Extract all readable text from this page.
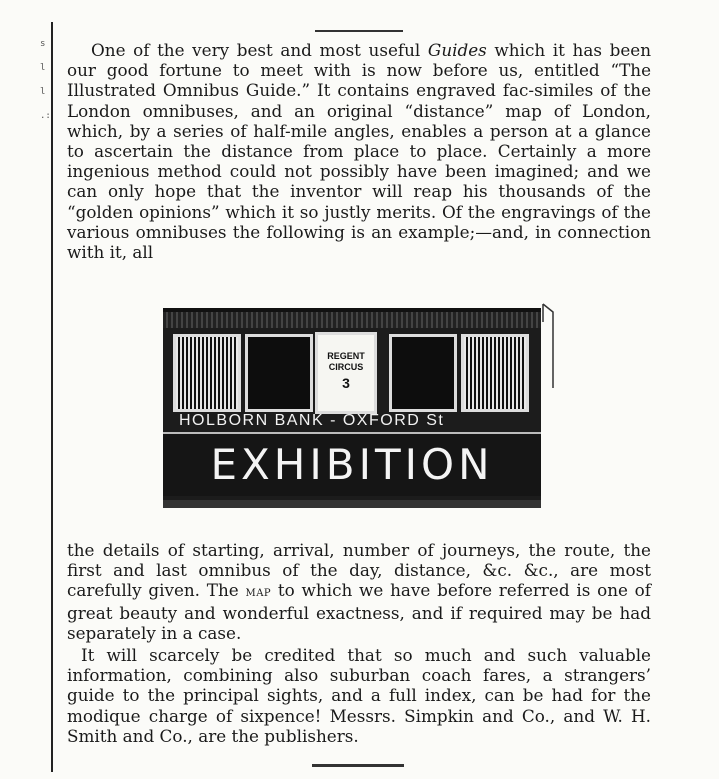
s
l
l
.:

One of the very best and most useful Guides which it has been our good fortune to meet with is now before us, entitled “The Illustrated Omnibus Guide.” It contains engraved fac-similes of the London omnibuses, and an original “distance” map of London, which, by a series of half-mile angles, enables a person at a glance to ascertain the distance from place to place. Certainly a more ingenious method could not possibly have been imagined; and we can only hope that the inventor will reap his thousands of the “golden opinions” which it so justly merits. Of the engravings of the various omnibuses the following is an example;—and, in connection with it, all

REGENT CIRCUS
3
HOLBORN BANK - OXFORD St
EXHIBITION

the details of starting, arrival, number of journeys, the route, the first and last omnibus of the day, distance, &c. &c., are most carefully given. The map to which we have before referred is one of great beauty and wonderful exactness, and if required may be had separately in a case.

It will scarcely be credited that so much and such valuable information, combining also suburban coach fares, a strangers’ guide to the principal sights, and a full index, can be had for the modique charge of sixpence! Messrs. Simpkin and Co., and W. H. Smith and Co., are the publishers.
